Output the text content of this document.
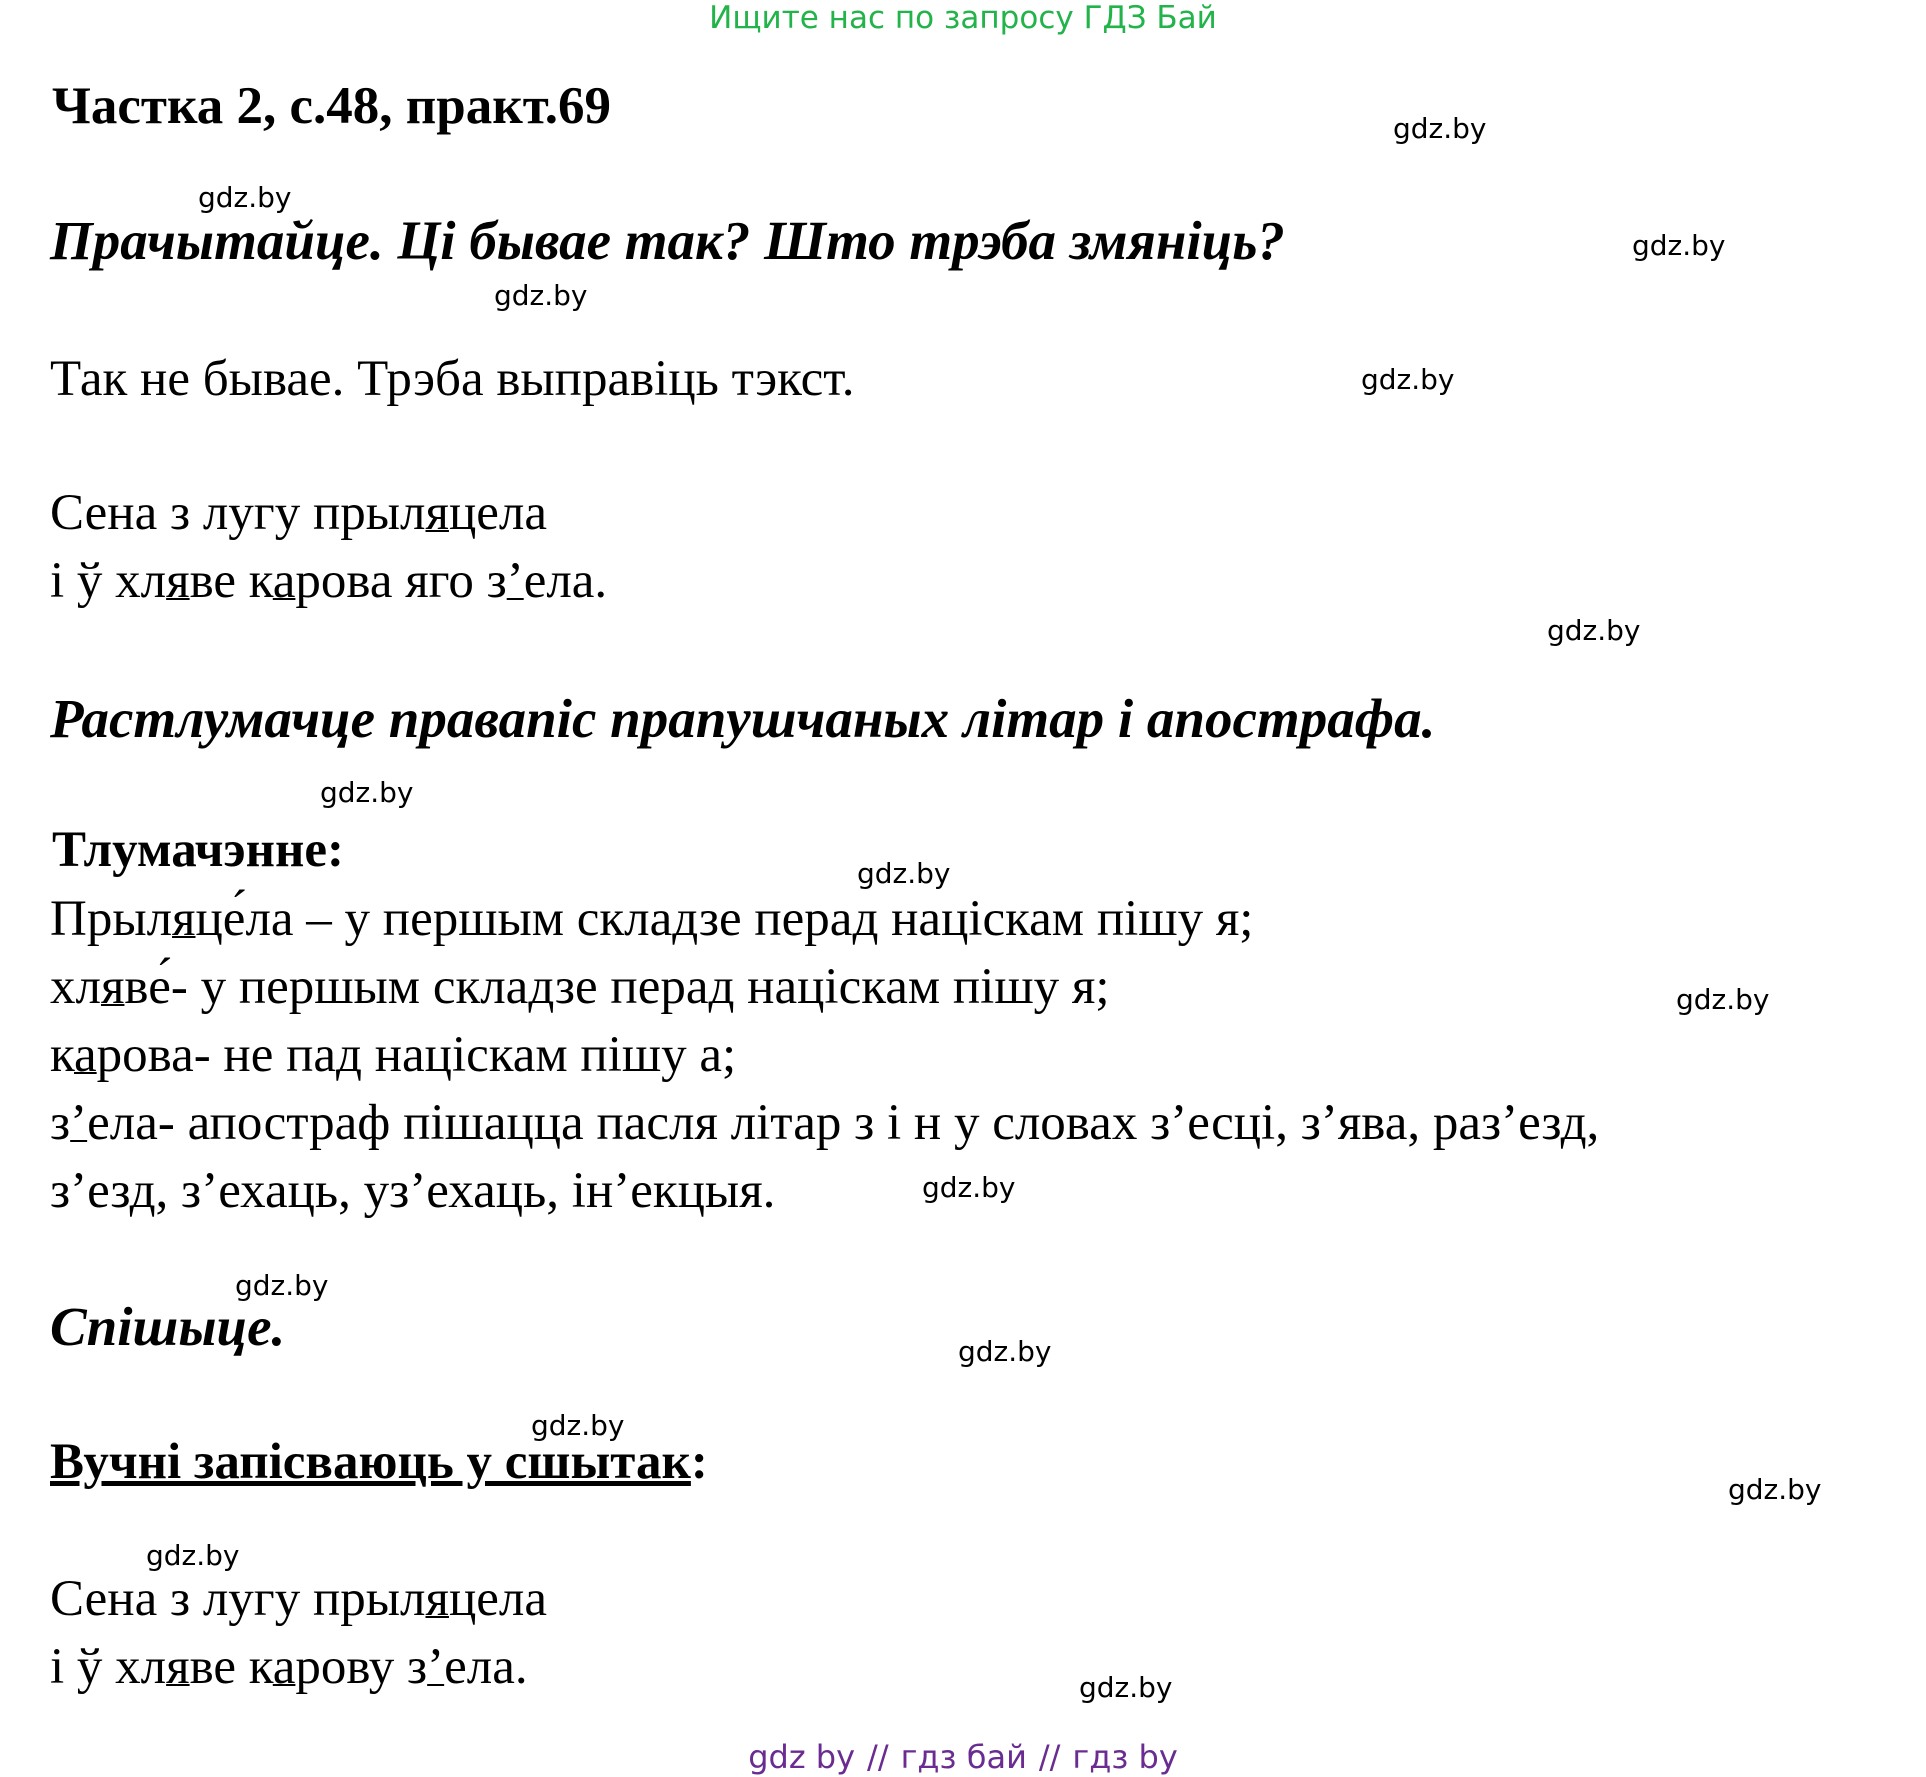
Ищите нас по запросу ГДЗ Бай
Частка 2, с.48, практ.69
Прачытайце. Ці бывае так? Што трэба змяніць?
Так не бывае. Трэба выправіць тэкст.
Сена з лугу прыляцела
і ў хляве карова яго з’ела.
Растлумачце правапіс прапушчаных літар і апострафа.
Тлумачэнне:
Прыляце́ла – у першым складзе перад націскам пішу я;
хляве́- у першым складзе перад націскам пішу я;
карова- не пад націскам пішу а;
з’ела- апостраф пішацца пасля літар з і н у словах з’есці, з’ява, раз’езд,
з’езд, з’ехаць, уз’ехаць, ін’екцыя.
Спішыце.
Вучні запісваюць у сшытак:
Сена з лугу прыляцела
і ў хляве карову з’ела.
gdz.by
gdz.by
gdz.by
gdz.by
gdz.by
gdz.by
gdz.by
gdz.by
gdz.by
gdz.by
gdz.by
gdz.by
gdz.by
gdz.by
gdz.by
gdz.by
gdz by // гдз бай // гдз by
